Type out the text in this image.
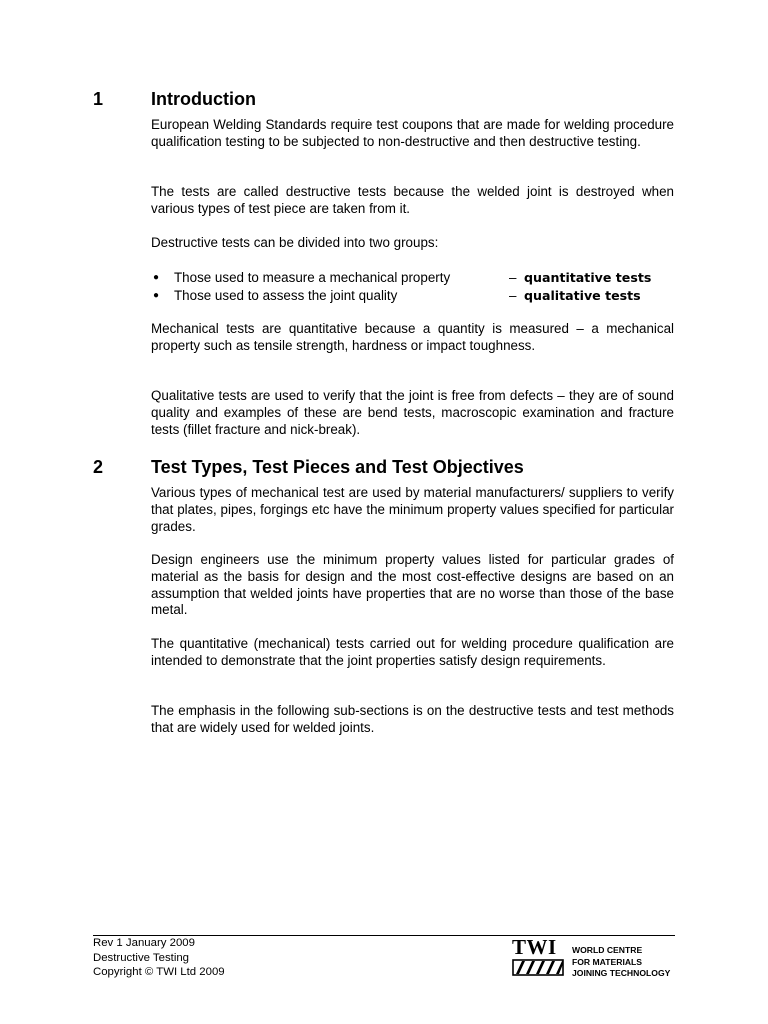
1	Introduction

European Welding Standards require test coupons that are made for welding procedure qualification testing to be subjected to non-destructive and then destructive testing.

The tests are called destructive tests because the welded joint is destroyed when various types of test piece are taken from it.

Destructive tests can be divided into two groups:

● Those used to measure a mechanical property	– quantitative tests
● Those used to assess the joint quality	– qualitative tests

Mechanical tests are quantitative because a quantity is measured – a mechanical property such as tensile strength, hardness or impact toughness.

Qualitative tests are used to verify that the joint is free from defects – they are of sound quality and examples of these are bend tests, macroscopic examination and fracture tests (fillet fracture and nick-break).

2	Test Types, Test Pieces and Test Objectives

Various types of mechanical test are used by material manufacturers/ suppliers to verify that plates, pipes, forgings etc have the minimum property values specified for particular grades.

Design engineers use the minimum property values listed for particular grades of material as the basis for design and the most cost-effective designs are based on an assumption that welded joints have properties that are no worse than those of the base metal.

The quantitative (mechanical) tests carried out for welding procedure qualification are intended to demonstrate that the joint properties satisfy design requirements.

The emphasis in the following sub-sections is on the destructive tests and test methods that are widely used for welded joints.

Rev 1 January 2009
Destructive Testing
Copyright © TWI Ltd 2009
TWI WORLD CENTRE
FOR MATERIALS
JOINING TECHNOLOGY
